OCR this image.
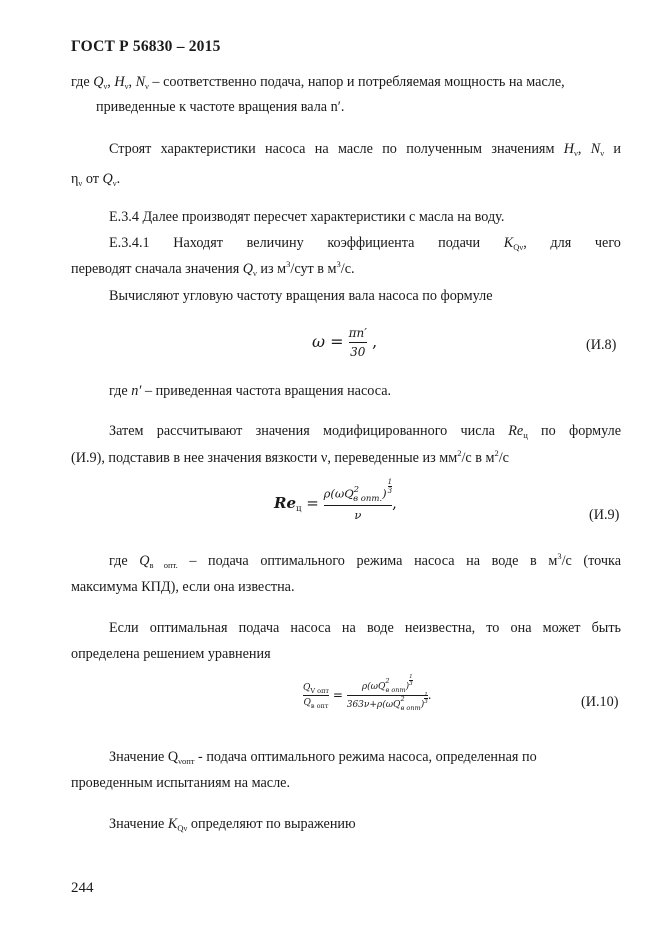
ГОСТ Р 56830 – 2015
где $Q_\nu$, $H_\nu$, $N_\nu$ – соответственно подача, напор и потребляемая мощность на масле,
приведенные к частоте вращения вала n′.
Строят характеристики насоса на масле по полученным значениям $H_\nu$, $N_\nu$ и
$\eta_\nu$ от $Q_\nu$.
Е.3.4 Далее производят пересчет характеристики с масла на воду.
Е.3.4.1 Находят величину коэффициента подачи $K_{Q\nu}$, для чего
переводят сначала значения $Q_\nu$ из $м^3$/сут в $м^3/с$.
Вычисляют угловую частоту вращения вала насоса по формуле
$\omega = \frac{\pi n'}{30}$ ,	(И.8)
где n′ – приведенная частота вращения насоса.
Затем рассчитывают значения модифицированного числа $Re_ц$ по формуле
(И.9), подставив в нее значения вязкости ν, переведенные из $мм^2/с$ в $м^2/с$
$Re_ц = \frac{\rho(\omega Q^2_{в опт.}) \frac{1}{3}}{\nu}$ ,
(И.9)
где $Q_{в опт.}$ – подача оптимального режима насоса на воде в $м^3/с$ (точка
максимума КПД), если она известна.
Если оптимальная подача насоса на воде неизвестна, то она может быть
определена решением уравнения
$\frac{Q_{V опт}}{Q_{в опт}} = \frac{\rho(\omega Q^2_{в опт}) \frac{1}{3}}{363\nu+\rho(\omega Q^2_{в опт}) \frac{1}{3}}$ .	(И.10)
Значение $Q_{\nu опт}$ - подача оптимального режима насоса, определенная по
проведенным испытаниям на масле.
Значение $K_{Q\nu}$ определяют по выражению
244
